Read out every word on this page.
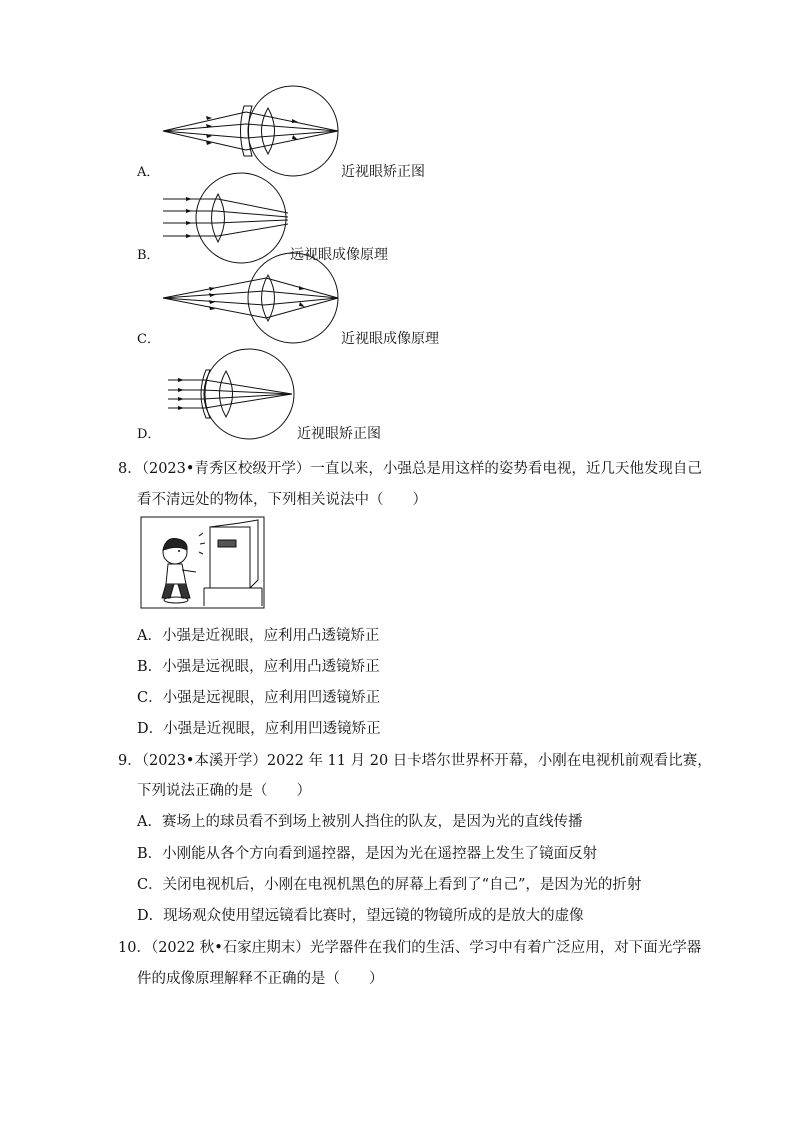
A．	近视眼矫正图
B．	远视眼成像原理
C．	近视眼成像原理
D．	近视眼矫正图
8．（2023•青秀区校级开学）一直以来，小强总是用这样的姿势看电视，近几天他发现自己
看不清远处的物体，下列相关说法中（　　）
A．小强是近视眼，应利用凸透镜矫正
B．小强是远视眼，应利用凸透镜矫正
C．小强是远视眼，应利用凹透镜矫正
D．小强是近视眼，应利用凹透镜矫正
9．（2023•本溪开学）2022 年 11 月 20 日卡塔尔世界杯开幕，小刚在电视机前观看比赛，
下列说法正确的是（　　）
A．赛场上的球员看不到场上被别人挡住的队友，是因为光的直线传播
B．小刚能从各个方向看到遥控器，是因为光在遥控器上发生了镜面反射
C．关闭电视机后，小刚在电视机黑色的屏幕上看到了“自己”，是因为光的折射
D．现场观众使用望远镜看比赛时，望远镜的物镜所成的是放大的虚像
10．（2022 秋•石家庄期末）光学器件在我们的生活、学习中有着广泛应用，对下面光学器
件的成像原理解释不正确的是（　　）
